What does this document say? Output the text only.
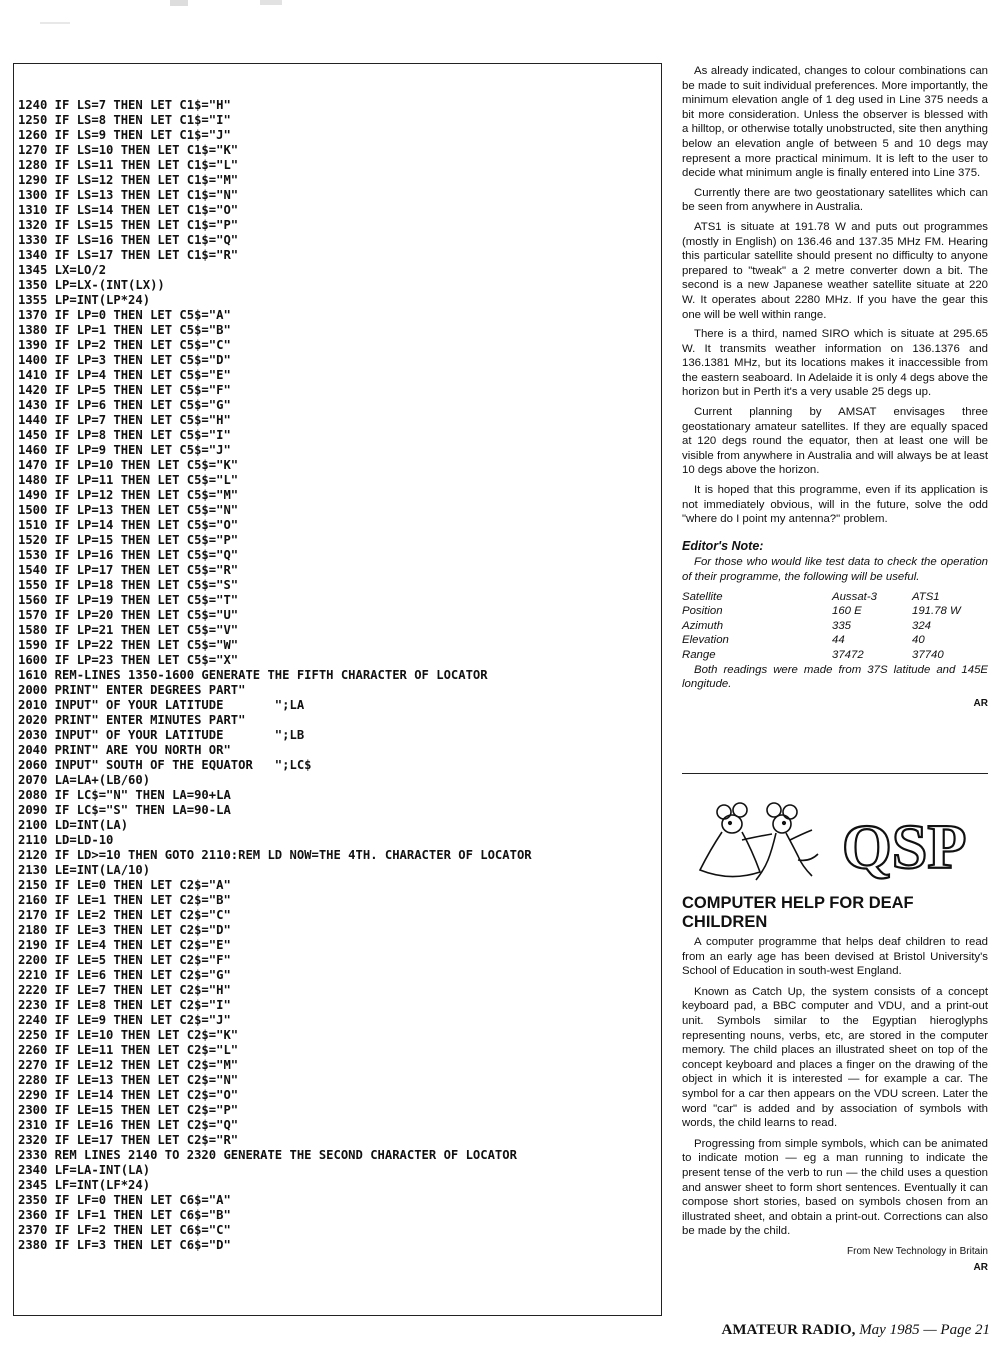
1240 IF LS=7 THEN LET C1$="H"
1250 IF LS=8 THEN LET C1$="I"
1260 IF LS=9 THEN LET C1$="J"
1270 IF LS=10 THEN LET C1$="K"
1280 IF LS=11 THEN LET C1$="L"
1290 IF LS=12 THEN LET C1$="M"
1300 IF LS=13 THEN LET C1$="N"
1310 IF LS=14 THEN LET C1$="O"
1320 IF LS=15 THEN LET C1$="P"
1330 IF LS=16 THEN LET C1$="Q"
1340 IF LS=17 THEN LET C1$="R"
1345 LX=LO/2
1350 LP=LX-(INT(LX))
1355 LP=INT(LP*24)
1370 IF LP=0 THEN LET C5$="A"
1380 IF LP=1 THEN LET C5$="B"
1390 IF LP=2 THEN LET C5$="C"
1400 IF LP=3 THEN LET C5$="D"
1410 IF LP=4 THEN LET C5$="E"
1420 IF LP=5 THEN LET C5$="F"
1430 IF LP=6 THEN LET C5$="G"
1440 IF LP=7 THEN LET C5$="H"
1450 IF LP=8 THEN LET C5$="I"
1460 IF LP=9 THEN LET C5$="J"
1470 IF LP=10 THEN LET C5$="K"
1480 IF LP=11 THEN LET C5$="L"
1490 IF LP=12 THEN LET C5$="M"
1500 IF LP=13 THEN LET C5$="N"
1510 IF LP=14 THEN LET C5$="O"
1520 IF LP=15 THEN LET C5$="P"
1530 IF LP=16 THEN LET C5$="Q"
1540 IF LP=17 THEN LET C5$="R"
1550 IF LP=18 THEN LET C5$="S"
1560 IF LP=19 THEN LET C5$="T"
1570 IF LP=20 THEN LET C5$="U"
1580 IF LP=21 THEN LET C5$="V"
1590 IF LP=22 THEN LET C5$="W"
1600 IF LP=23 THEN LET C5$="X"
1610 REM-LINES 1350-1600 GENERATE THE FIFTH CHARACTER OF LOCATOR
2000 PRINT" ENTER DEGREES PART"
2010 INPUT" OF YOUR LATITUDE       ";LA
2020 PRINT" ENTER MINUTES PART"
2030 INPUT" OF YOUR LATITUDE       ";LB
2040 PRINT" ARE YOU NORTH OR"
2060 INPUT" SOUTH OF THE EQUATOR   ";LC$
2070 LA=LA+(LB/60)
2080 IF LC$="N" THEN LA=90+LA
2090 IF LC$="S" THEN LA=90-LA
2100 LD=INT(LA)
2110 LD=LD-10
2120 IF LD>=10 THEN GOTO 2110:REM LD NOW=THE 4TH. CHARACTER OF LOCATOR
2130 LE=INT(LA/10)
2150 IF LE=0 THEN LET C2$="A"
2160 IF LE=1 THEN LET C2$="B"
2170 IF LE=2 THEN LET C2$="C"
2180 IF LE=3 THEN LET C2$="D"
2190 IF LE=4 THEN LET C2$="E"
2200 IF LE=5 THEN LET C2$="F"
2210 IF LE=6 THEN LET C2$="G"
2220 IF LE=7 THEN LET C2$="H"
2230 IF LE=8 THEN LET C2$="I"
2240 IF LE=9 THEN LET C2$="J"
2250 IF LE=10 THEN LET C2$="K"
2260 IF LE=11 THEN LET C2$="L"
2270 IF LE=12 THEN LET C2$="M"
2280 IF LE=13 THEN LET C2$="N"
2290 IF LE=14 THEN LET C2$="O"
2300 IF LE=15 THEN LET C2$="P"
2310 IF LE=16 THEN LET C2$="Q"
2320 IF LE=17 THEN LET C2$="R"
2330 REM LINES 2140 TO 2320 GENERATE THE SECOND CHARACTER OF LOCATOR
2340 LF=LA-INT(LA)
2345 LF=INT(LF*24)
2350 IF LF=0 THEN LET C6$="A"
2360 IF LF=1 THEN LET C6$="B"
2370 IF LF=2 THEN LET C6$="C"
2380 IF LF=3 THEN LET C6$="D"

As already indicated, changes to colour combinations can be made to suit individual preferences. More importantly, the minimum elevation angle of 1 deg used in Line 375 needs a bit more consideration. Unless the observer is blessed with a hilltop, or otherwise totally unobstructed, site then anything below an elevation angle of between 5 and 10 degs may represent a more practical minimum. It is left to the user to decide what minimum angle is finally entered into Line 375.

Currently there are two geostationary satellites which can be seen from anywhere in Australia.

ATS1 is situate at 191.78 W and puts out programmes (mostly in English) on 136.46 and 137.35 MHz FM. Hearing this particular satellite should present no difficulty to anyone prepared to "tweak" a 2 metre converter down a bit. The second is a new Japanese weather satellite situate at 220 W. It operates about 2280 MHz. If you have the gear this one will be well within range.

There is a third, named SIRO which is situate at 295.65 W. It transmits weather information on 136.1376 and 136.1381 MHz, but its locations makes it inaccessible from the eastern seaboard. In Adelaide it is only 4 degs above the horizon but in Perth it's a very usable 25 degs up.

Current planning by AMSAT envisages three geostationary amateur satellites. If they are equally spaced at 120 degs round the equator, then at least one will be visible from anywhere in Australia and will always be at least 10 degs above the horizon.

It is hoped that this programme, even if its application is not immediately obvious, will in the future, solve the odd "where do I point my antenna?" problem.

Editor's Note:

For those who would like test data to check the operation of their programme, the following will be useful.

Satellite	Aussat-3	ATS1
Position	160 E	191.78 W
Azimuth	335	324
Elevation	44	40
Range	37472	37740

Both readings were made from 37S latitude and 145E longitude.

AR
QSP
COMPUTER HELP FOR DEAF CHILDREN

A computer programme that helps deaf children to read from an early age has been devised at Bristol University's School of Education in south-west England.

Known as Catch Up, the system consists of a concept keyboard pad, a BBC computer and VDU, and a print-out unit. Symbols similar to the Egyptian hieroglyphs representing nouns, verbs, etc, are stored in the computer memory. The child places an illustrated sheet on top of the concept keyboard and places a finger on the drawing of the object in which it is interested — for example a car. The symbol for a car then appears on the VDU screen. Later the word "car" is added and by association of symbols with words, the child learns to read.

Progressing from simple symbols, which can be animated to indicate motion — eg a man running to indicate the present tense of the verb to run — the child uses a question and answer sheet to form short sentences. Eventually it can compose short stories, based on symbols chosen from an illustrated sheet, and obtain a print-out. Corrections can also be made by the child.

From New Technology in Britain
AR
AMATEUR RADIO, May 1985 — Page 21
